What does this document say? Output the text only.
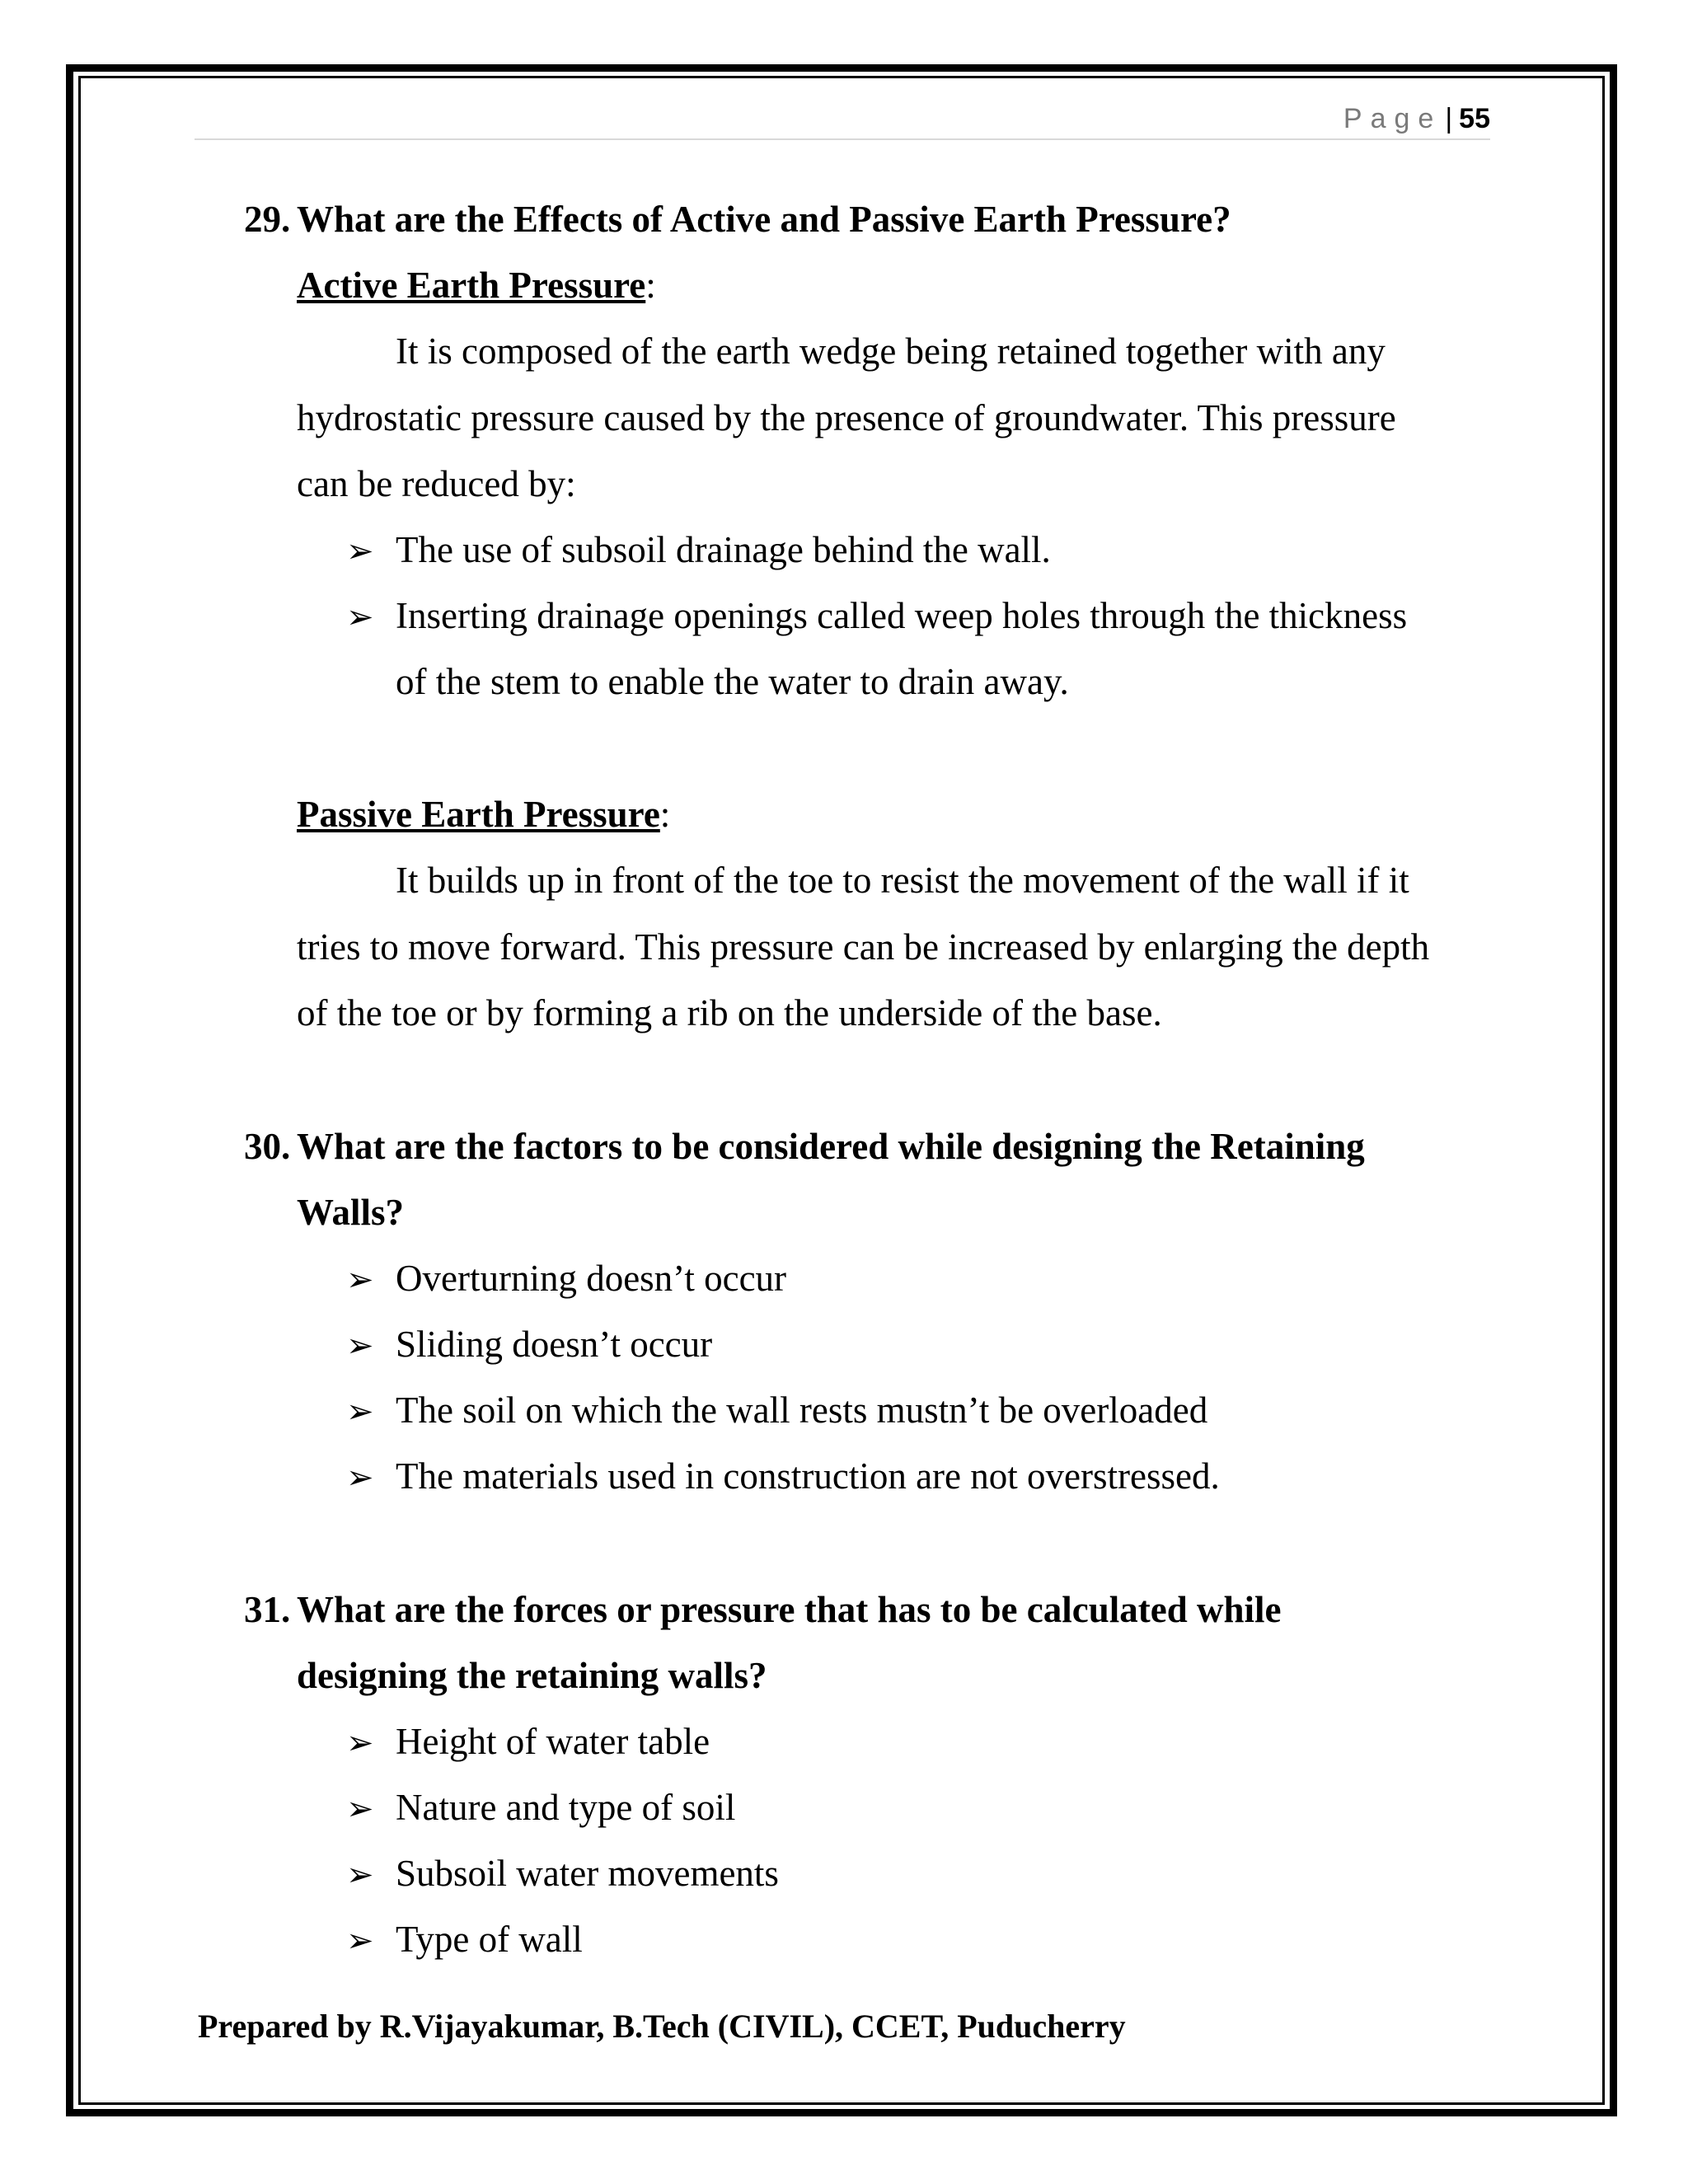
Page | 55
29. What are the Effects of Active and Passive Earth Pressure?
Active Earth Pressure:
It is composed of the earth wedge being retained together with any
hydrostatic pressure caused by the presence of groundwater. This pressure
can be reduced by:
➢ The use of subsoil drainage behind the wall.
➢ Inserting drainage openings called weep holes through the thickness
of the stem to enable the water to drain away.
Passive Earth Pressure:
It builds up in front of the toe to resist the movement of the wall if it
tries to move forward. This pressure can be increased by enlarging the depth
of the toe or by forming a rib on the underside of the base.
30. What are the factors to be considered while designing the Retaining
Walls?
➢ Overturning doesn’t occur
➢ Sliding doesn’t occur
➢ The soil on which the wall rests mustn’t be overloaded
➢ The materials used in construction are not overstressed.
31. What are the forces or pressure that has to be calculated while
designing the retaining walls?
➢ Height of water table
➢ Nature and type of soil
➢ Subsoil water movements
➢ Type of wall
Prepared by R.Vijayakumar, B.Tech (CIVIL), CCET, Puducherry
